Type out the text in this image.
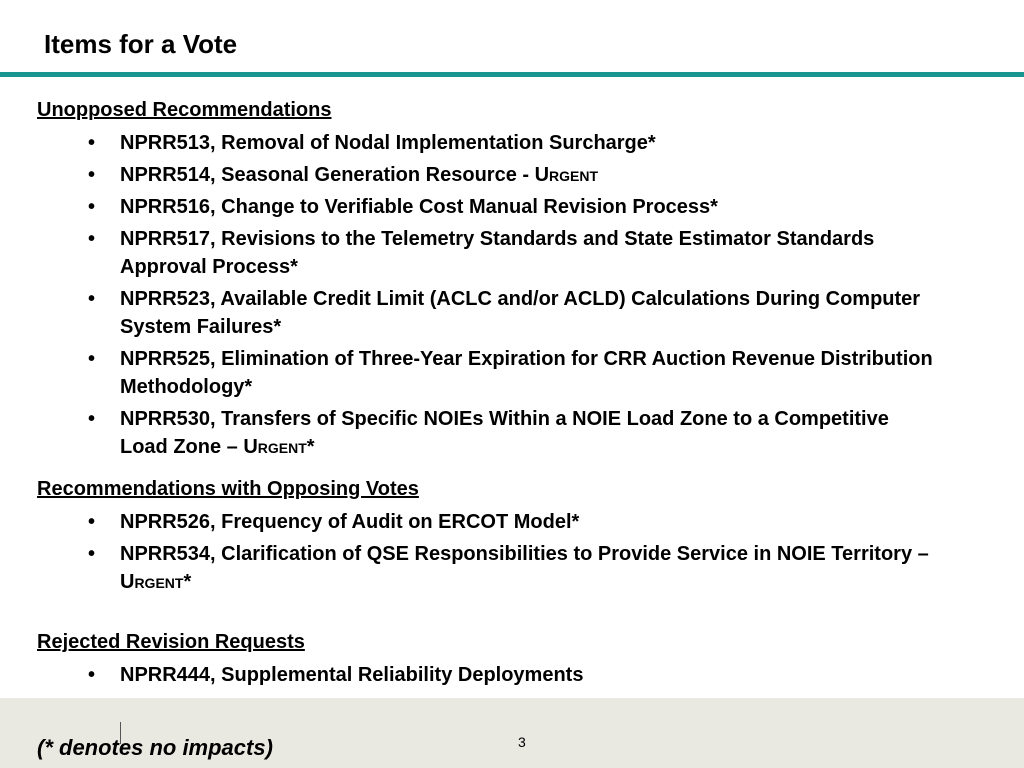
Items for a Vote
Unopposed Recommendations
• NPRR513, Removal of Nodal Implementation Surcharge*
• NPRR514, Seasonal Generation Resource - Urgent
• NPRR516, Change to Verifiable Cost Manual Revision Process*
• NPRR517, Revisions to the Telemetry Standards and State Estimator Standards Approval Process*
• NPRR523, Available Credit Limit (ACLC and/or ACLD) Calculations During Computer System Failures*
• NPRR525, Elimination of Three-Year Expiration for CRR Auction Revenue Distribution Methodology*
• NPRR530, Transfers of Specific NOIEs Within a NOIE Load Zone to a Competitive Load Zone – Urgent*
Recommendations with Opposing Votes
• NPRR526, Frequency of Audit on ERCOT Model*
• NPRR534, Clarification of QSE Responsibilities to Provide Service in NOIE Territory – Urgent*
Rejected Revision Requests
• NPRR444, Supplemental Reliability Deployments
(* denotes no impacts)	3
